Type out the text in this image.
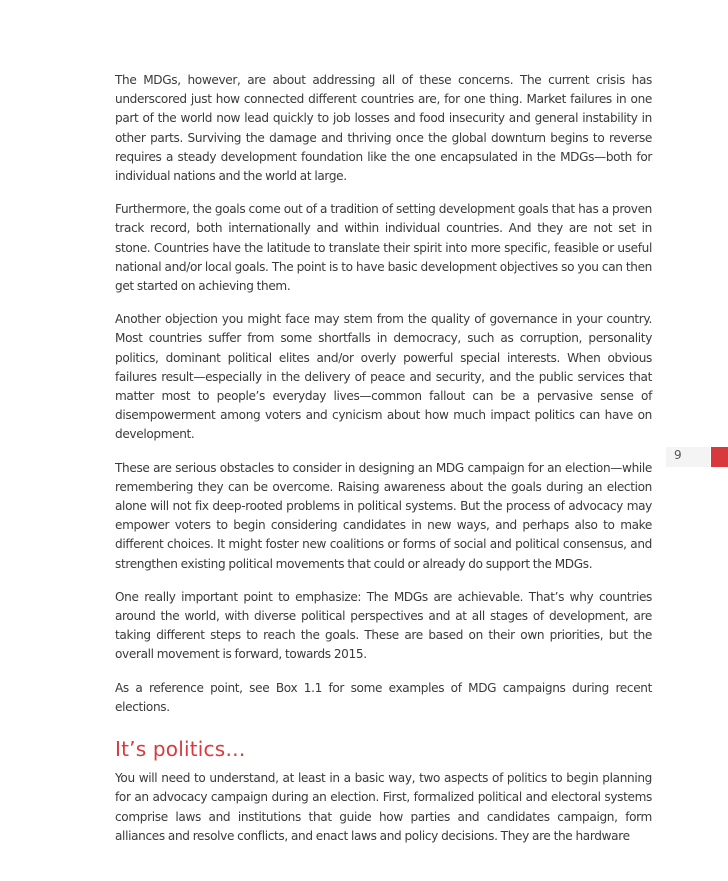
The MDGs, however, are about addressing all of these concerns. The current crisis has underscored just how connected different countries are, for one thing. Market failures in one part of the world now lead quickly to job losses and food insecurity and general instability in other parts. Surviving the damage and thriving once the global downturn begins to reverse requires a steady development foundation like the one encapsulated in the MDGs—both for individual nations and the world at large.

Furthermore, the goals come out of a tradition of setting development goals that has a proven track record, both internationally and within individual countries. And they are not set in stone. Countries have the latitude to translate their spirit into more specific, feasible or useful national and/or local goals. The point is to have basic development objectives so you can then get started on achieving them.

Another objection you might face may stem from the quality of governance in your country. Most countries suffer from some shortfalls in democracy, such as corruption, personality politics, dominant political elites and/or overly powerful special interests. When obvious failures result—especially in the delivery of peace and security, and the public services that matter most to people’s everyday lives—common fallout can be a pervasive sense of disempowerment among voters and cynicism about how much impact politics can have on development.

These are serious obstacles to consider in designing an MDG campaign for an election—while remembering they can be overcome. Raising awareness about the goals during an election alone will not fix deep-rooted problems in political systems. But the process of advocacy may empower voters to begin considering candidates in new ways, and perhaps also to make different choices. It might foster new coalitions or forms of social and political consensus, and strengthen existing political movements that could or already do support the MDGs.

One really important point to emphasize: The MDGs are achievable. That’s why countries around the world, with diverse political perspectives and at all stages of development, are taking different steps to reach the goals. These are based on their own priorities, but the overall movement is forward, towards 2015.

As a reference point, see Box 1.1 for some examples of MDG campaigns during recent elections.

It’s politics…

You will need to understand, at least in a basic way, two aspects of politics to begin planning for an advocacy campaign during an election. First, formalized political and electoral systems comprise laws and institutions that guide how parties and candidates campaign, form alliances and resolve conflicts, and enact laws and policy decisions. They are the hardware

9
